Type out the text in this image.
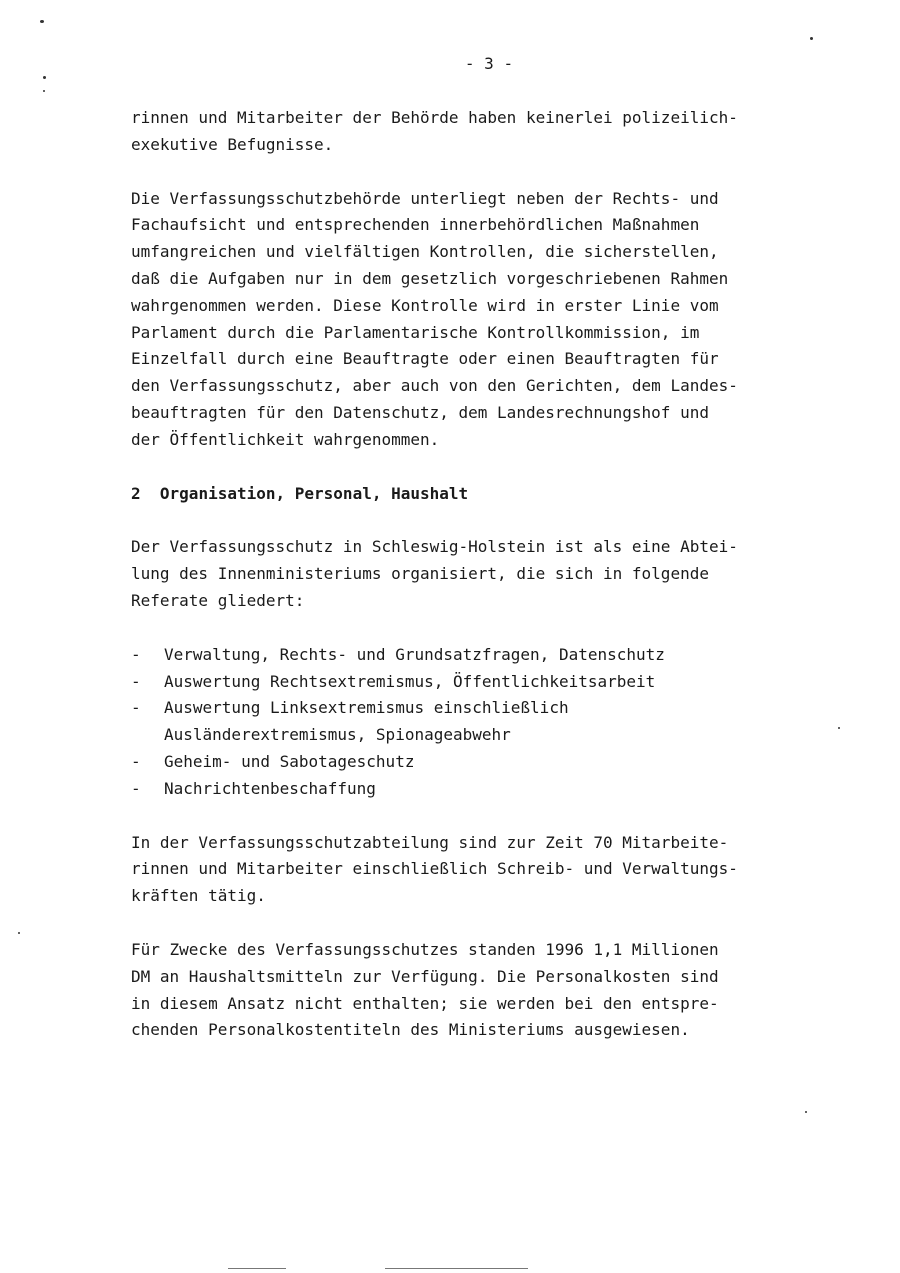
- 3 -
rinnen und Mitarbeiter der Behörde haben keinerlei polizeilich-
exekutive Befugnisse.
Die Verfassungsschutzbehörde unterliegt neben der Rechts- und
Fachaufsicht und entsprechenden innerbehördlichen Maßnahmen
umfangreichen und vielfältigen Kontrollen, die sicherstellen,
daß die Aufgaben nur in dem gesetzlich vorgeschriebenen Rahmen
wahrgenommen werden. Diese Kontrolle wird in erster Linie vom
Parlament durch die Parlamentarische Kontrollkommission, im
Einzelfall durch eine Beauftragte oder einen Beauftragten für
den Verfassungsschutz, aber auch von den Gerichten, dem Landes-
beauftragten für den Datenschutz, dem Landesrechnungshof und
der Öffentlichkeit wahrgenommen.
2 Organisation, Personal, Haushalt
Der Verfassungsschutz in Schleswig-Holstein ist als eine Abtei-
lung des Innenministeriums organisiert, die sich in folgende
Referate gliedert:
- Verwaltung, Rechts- und Grundsatzfragen, Datenschutz
- Auswertung Rechtsextremismus, Öffentlichkeitsarbeit
- Auswertung Linksextremismus einschließlich
Ausländerextremismus, Spionageabwehr
- Geheim- und Sabotageschutz
- Nachrichtenbeschaffung
In der Verfassungsschutzabteilung sind zur Zeit 70 Mitarbeite-
rinnen und Mitarbeiter einschließlich Schreib- und Verwaltungs-
kräften tätig.
Für Zwecke des Verfassungsschutzes standen 1996 1,1 Millionen
DM an Haushaltsmitteln zur Verfügung. Die Personalkosten sind
in diesem Ansatz nicht enthalten; sie werden bei den entspre-
chenden Personalkostentiteln des Ministeriums ausgewiesen.
